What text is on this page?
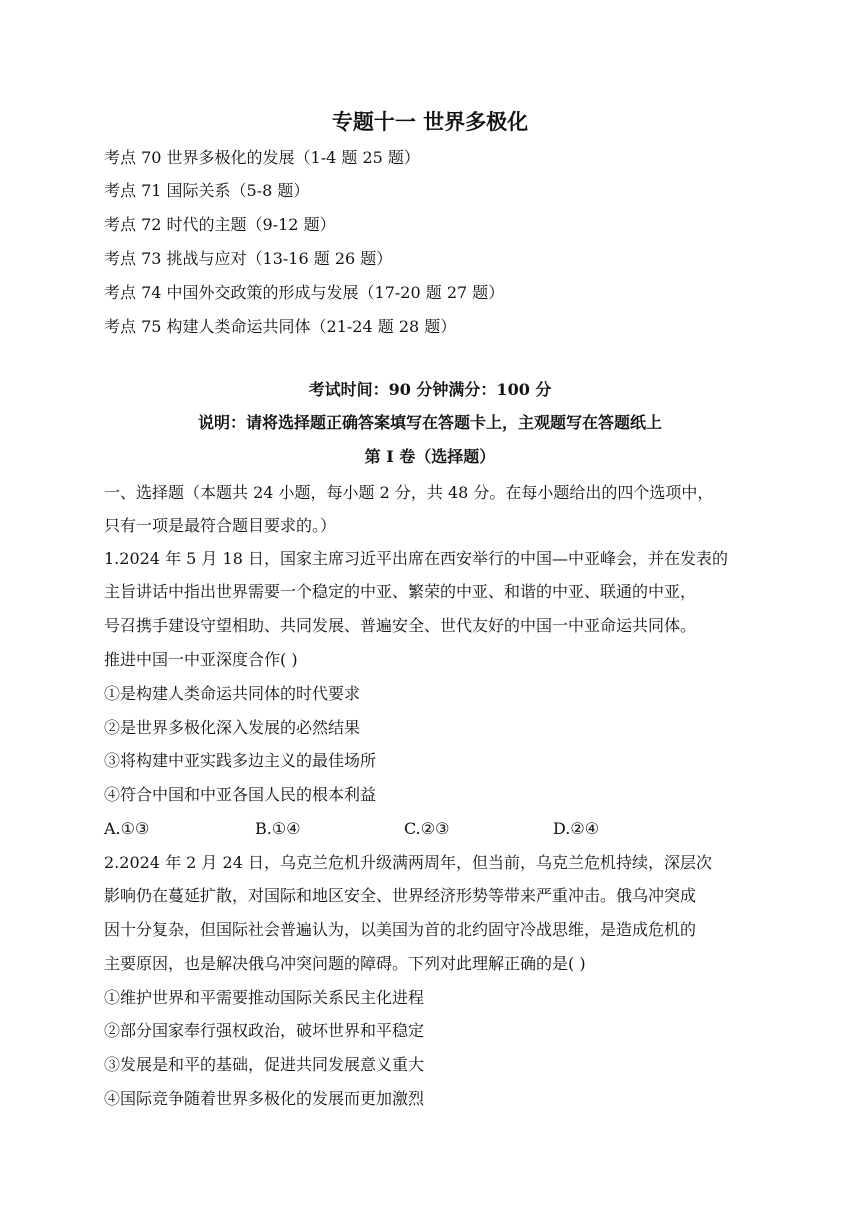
专题十一 世界多极化
考点 70 世界多极化的发展（1-4 题 25 题）
考点 71 国际关系（5-8 题）
考点 72 时代的主题（9-12 题）
考点 73 挑战与应对（13-16 题 26 题）
考点 74 中国外交政策的形成与发展（17-20 题 27 题）
考点 75 构建人类命运共同体（21-24 题 28 题）
考试时间：90 分钟满分：100 分
说明：请将选择题正确答案填写在答题卡上，主观题写在答题纸上
第 I 卷（选择题）
一、选择题（本题共 24 小题，每小题 2 分，共 48 分。在每小题给出的四个选项中，
只有一项是最符合题目要求的。）
1.2024 年 5 月 18 日，国家主席习近平出席在西安举行的中国—中亚峰会，并在发表的
主旨讲话中指出世界需要一个稳定的中亚、繁荣的中亚、和谐的中亚、联通的中亚，
号召携手建设守望相助、共同发展、普遍安全、世代友好的中国一中亚命运共同体。
推进中国一中亚深度合作( )
①是构建人类命运共同体的时代要求
②是世界多极化深入发展的必然结果
③将构建中亚实践多边主义的最佳场所
④符合中国和中亚各国人民的根本利益
A.①③	B.①④	C.②③	D.②④
2.2024 年 2 月 24 日，乌克兰危机升级满两周年，但当前，乌克兰危机持续，深层次
影响仍在蔓延扩散，对国际和地区安全、世界经济形势等带来严重冲击。俄乌冲突成
因十分复杂，但国际社会普遍认为，以美国为首的北约固守冷战思维，是造成危机的
主要原因，也是解决俄乌冲突问题的障碍。下列对此理解正确的是( )
①维护世界和平需要推动国际关系民主化进程
②部分国家奉行强权政治，破坏世界和平稳定
③发展是和平的基础，促进共同发展意义重大
④国际竞争随着世界多极化的发展而更加激烈
